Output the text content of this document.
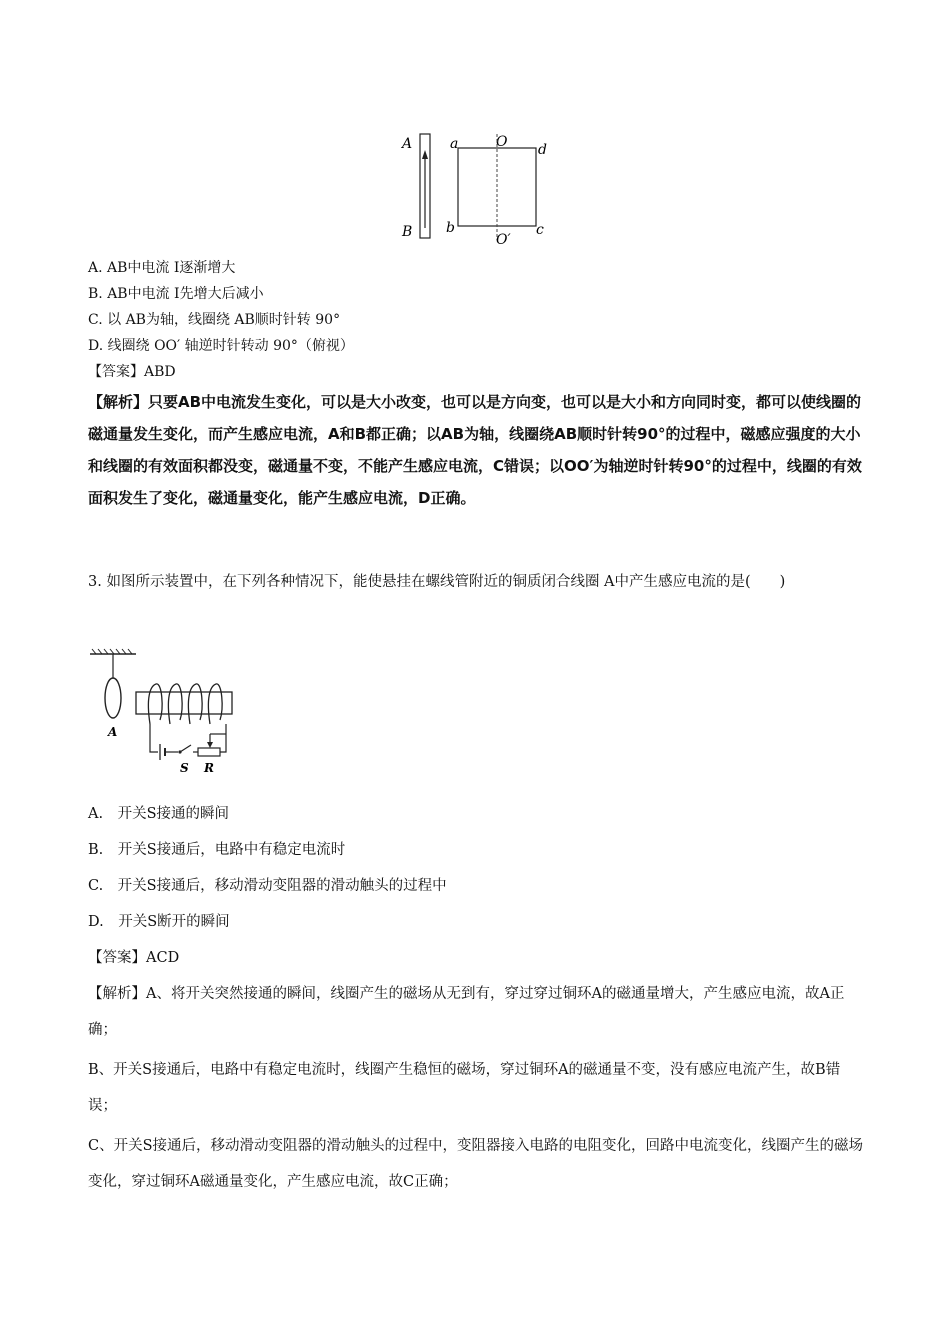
A
B
a	O d
b	c
O′
A. AB中电流 I逐渐增大
B. AB中电流 I先增大后减小
C. 以 AB为轴，线圈绕 AB顺时针转 90°
D. 线圈绕 OO′ 轴逆时针转动 90°（俯视）
【答案】ABD
【解析】只要AB中电流发生变化，可以是大小改变，也可以是方向变，也可以是大小和方向同时变，都可以使线圈的磁通量发生变化，而产生感应电流，A和B都正确；以AB为轴，线圈绕AB顺时针转90°的过程中，磁感应强度的大小和线圈的有效面积都没变，磁通量不变，不能产生感应电流，C错误；以OO′为轴逆时针转90°的过程中，线圈的有效面积发生了变化，磁通量变化，能产生感应电流，D正确。
3. 如图所示装置中，在下列各种情况下，能使悬挂在螺线管附近的铜质闭合线圈 A中产生感应电流的是(　　)
A
S R
A.　开关S接通的瞬间
B.　开关S接通后，电路中有稳定电流时
C.　开关S接通后，移动滑动变阻器的滑动触头的过程中
D.　开关S断开的瞬间
【答案】ACD
【解析】A、将开关突然接通的瞬间，线圈产生的磁场从无到有，穿过穿过铜环A的磁通量增大，产生感应电流，故A正确；
B、开关S接通后，电路中有稳定电流时，线圈产生稳恒的磁场，穿过铜环A的磁通量不变，没有感应电流产生，故B错误；
C、开关S接通后，移动滑动变阻器的滑动触头的过程中，变阻器接入电路的电阻变化，回路中电流变化，线圈产生的磁场变化，穿过铜环A磁通量变化，产生感应电流，故C正确；
